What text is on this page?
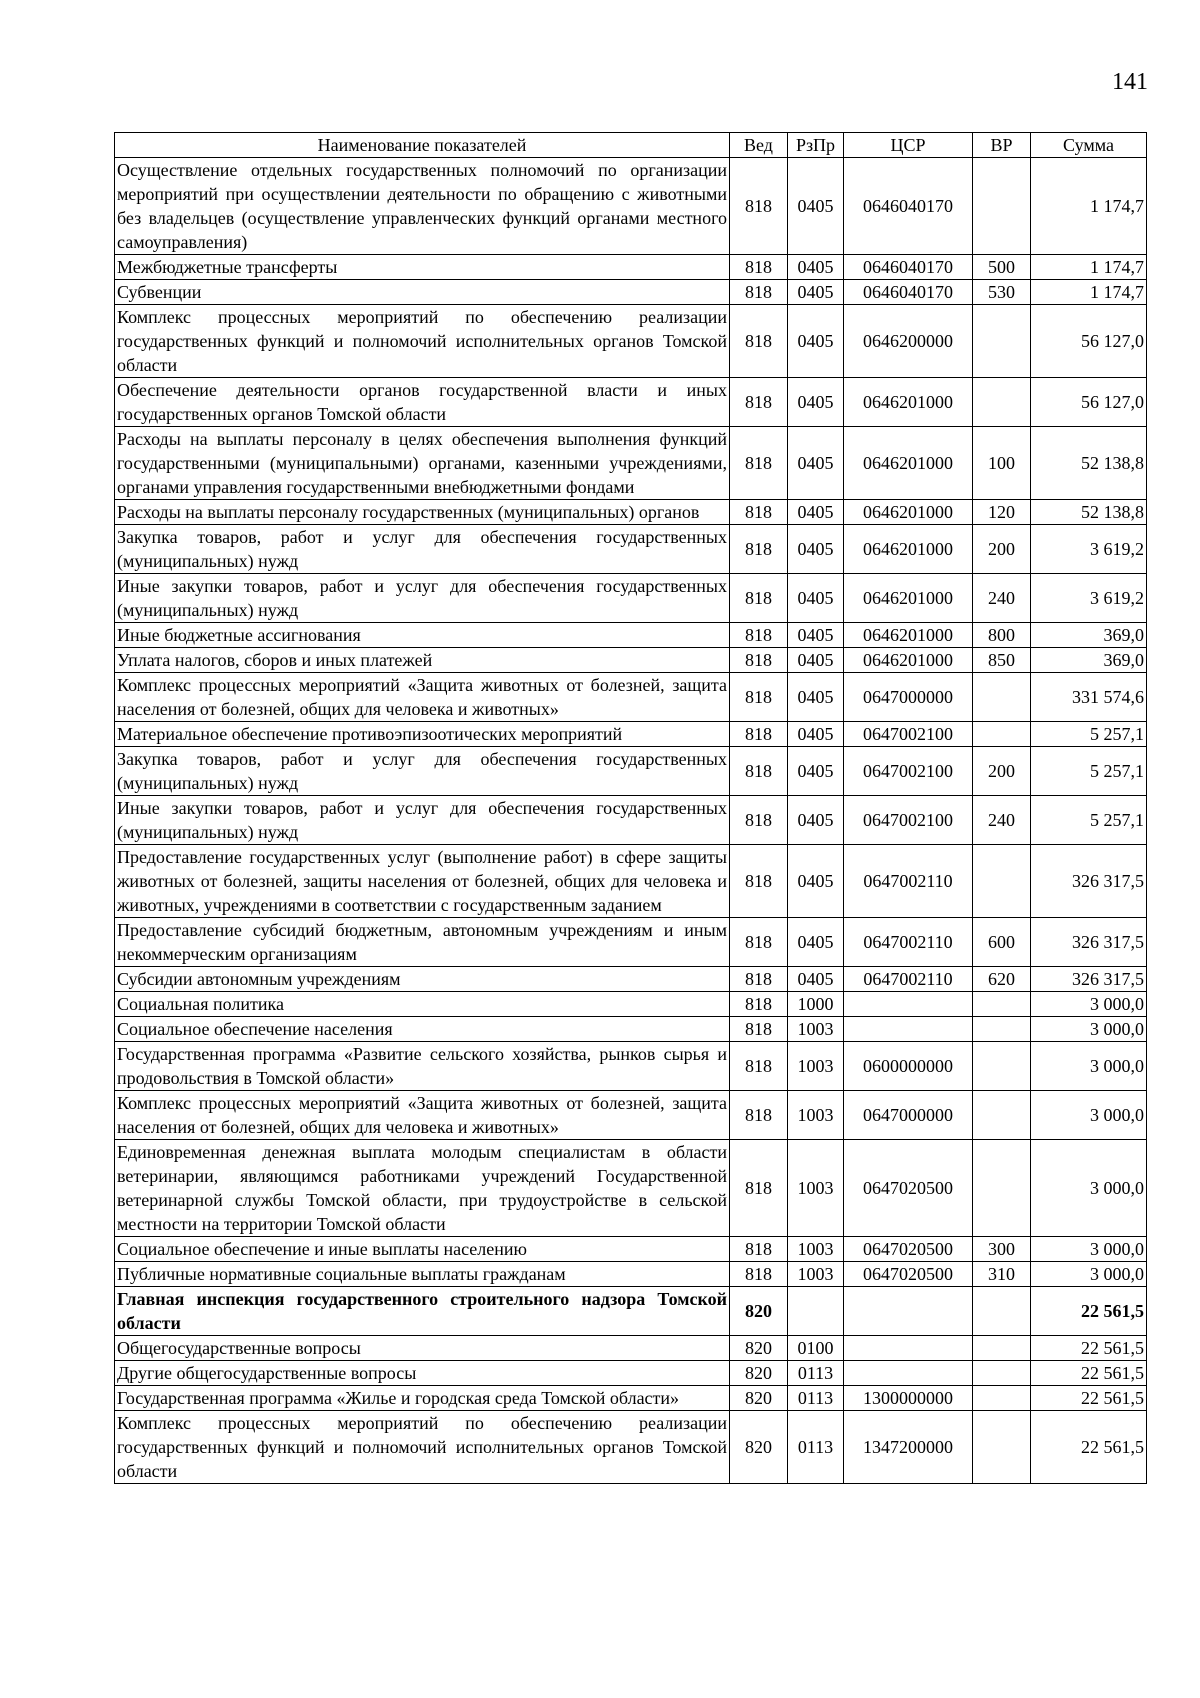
141
Наименование показателей	Вед	РзПр	ЦСР	ВР	Сумма
Осуществление отдельных государственных полномочий по организации мероприятий при осуществлении деятельности по обращению с животными без владельцев (осуществление управленческих функций органами местного самоуправления)	818	0405	0646040170		1 174,7
Межбюджетные трансферты	818	0405	0646040170	500	1 174,7
Субвенции	818	0405	0646040170	530	1 174,7
Комплекс процессных мероприятий по обеспечению реализации государственных функций и полномочий исполнительных органов Томской области	818	0405	0646200000		56 127,0
Обеспечение деятельности органов государственной власти и иных государственных органов Томской области	818	0405	0646201000		56 127,0
Расходы на выплаты персоналу в целях обеспечения выполнения функций государственными (муниципальными) органами, казенными учреждениями, органами управления государственными внебюджетными фондами	818	0405	0646201000	100	52 138,8
Расходы на выплаты персоналу государственных (муниципальных) органов	818	0405	0646201000	120	52 138,8
Закупка товаров, работ и услуг для обеспечения государственных (муниципальных) нужд	818	0405	0646201000	200	3 619,2
Иные закупки товаров, работ и услуг для обеспечения государственных (муниципальных) нужд	818	0405	0646201000	240	3 619,2
Иные бюджетные ассигнования	818	0405	0646201000	800	369,0
Уплата налогов, сборов и иных платежей	818	0405	0646201000	850	369,0
Комплекс процессных мероприятий «Защита животных от болезней, защита населения от болезней, общих для человека и животных»	818	0405	0647000000		331 574,6
Материальное обеспечение противоэпизоотических мероприятий	818	0405	0647002100		5 257,1
Закупка товаров, работ и услуг для обеспечения государственных (муниципальных) нужд	818	0405	0647002100	200	5 257,1
Иные закупки товаров, работ и услуг для обеспечения государственных (муниципальных) нужд	818	0405	0647002100	240	5 257,1
Предоставление государственных услуг (выполнение работ) в сфере защиты животных от болезней, защиты населения от болезней, общих для человека и животных, учреждениями в соответствии с государственным заданием	818	0405	0647002110		326 317,5
Предоставление субсидий бюджетным, автономным учреждениям и иным некоммерческим организациям	818	0405	0647002110	600	326 317,5
Субсидии автономным учреждениям	818	0405	0647002110	620	326 317,5
Социальная политика	818	1000			3 000,0
Социальное обеспечение населения	818	1003			3 000,0
Государственная программа «Развитие сельского хозяйства, рынков сырья и продовольствия в Томской области»	818	1003	0600000000		3 000,0
Комплекс процессных мероприятий «Защита животных от болезней, защита населения от болезней, общих для человека и животных»	818	1003	0647000000		3 000,0
Единовременная денежная выплата молодым специалистам в области ветеринарии, являющимся работниками учреждений Государственной ветеринарной службы Томской области, при трудоустройстве в сельской местности на территории Томской области	818	1003	0647020500		3 000,0
Социальное обеспечение и иные выплаты населению	818	1003	0647020500	300	3 000,0
Публичные нормативные социальные выплаты гражданам	818	1003	0647020500	310	3 000,0
Главная инспекция государственного строительного надзора Томской области	820				22 561,5
Общегосударственные вопросы	820	0100			22 561,5
Другие общегосударственные вопросы	820	0113			22 561,5
Государственная программа «Жилье и городская среда Томской области»	820	0113	1300000000		22 561,5
Комплекс процессных мероприятий по обеспечению реализации государственных функций и полномочий исполнительных органов Томской области	820	0113	1347200000		22 561,5
